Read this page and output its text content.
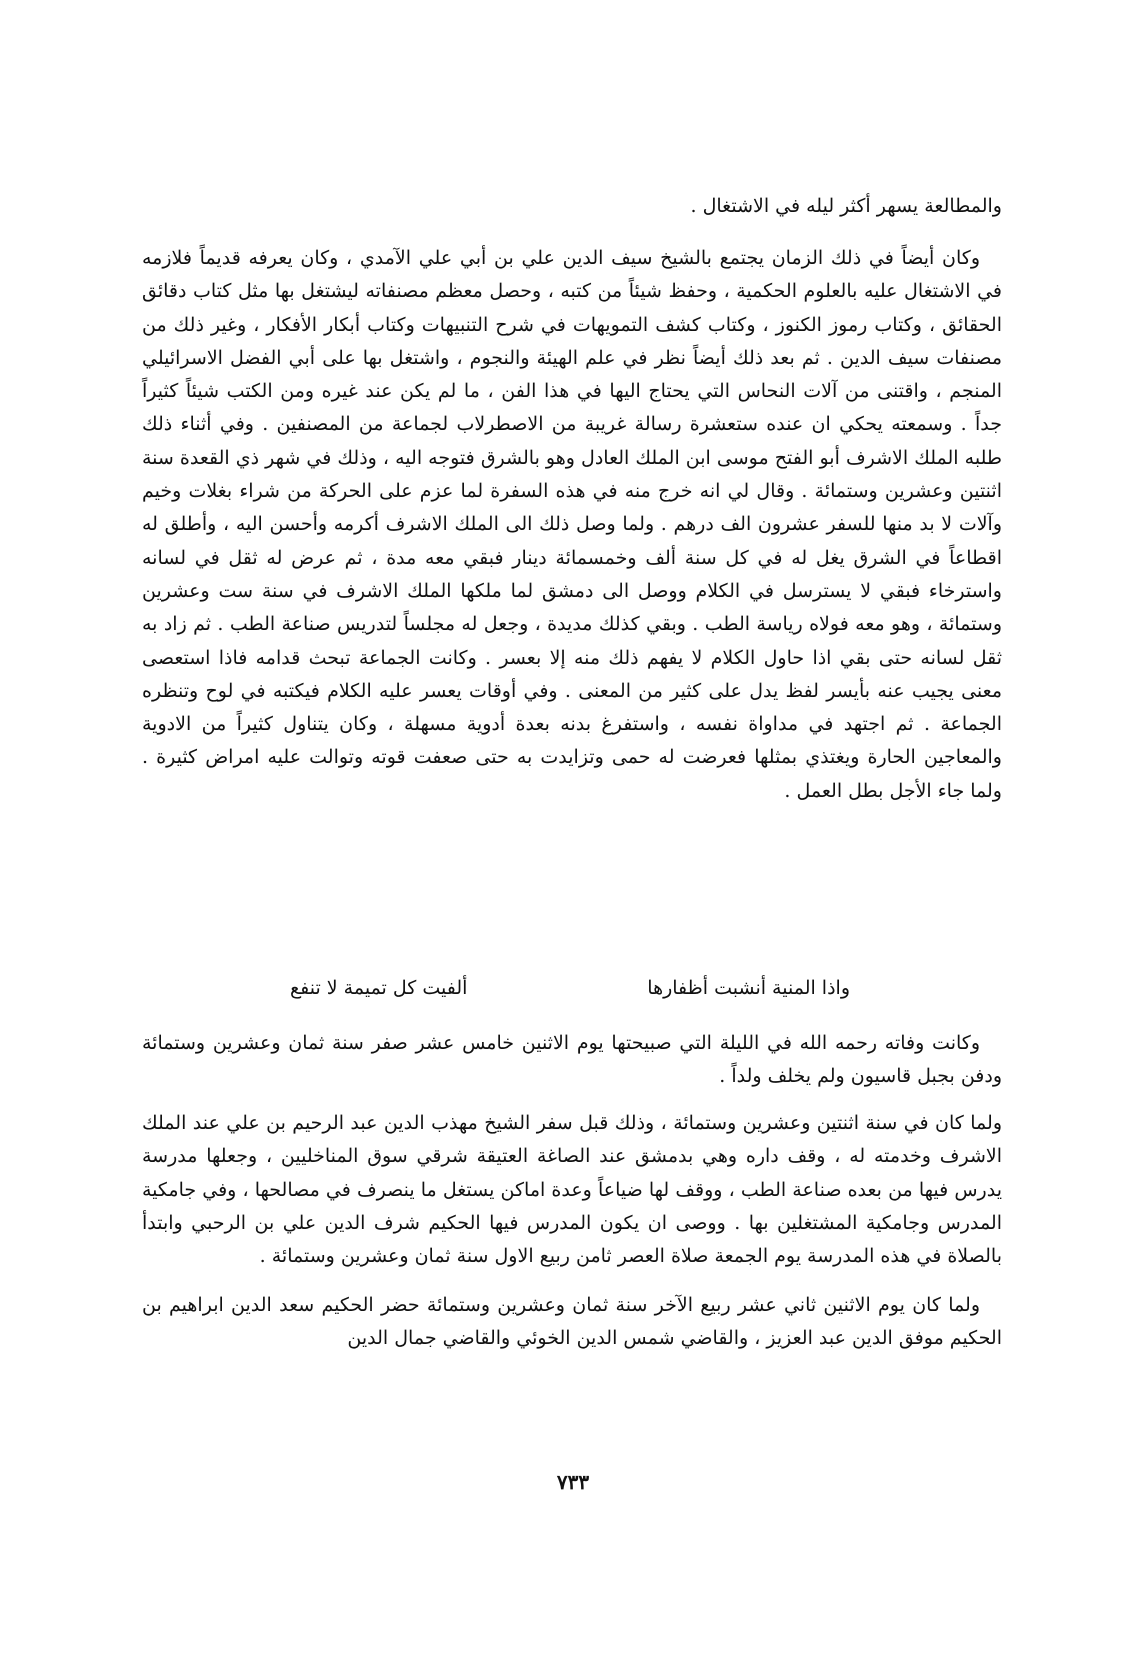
والمطالعة يسهر أكثر ليله في الاشتغال .

وكان أيضاً في ذلك الزمان يجتمع بالشيخ سيف الدين علي بن أبي علي الآمدي ، وكان يعرفه قديماً فلازمه في الاشتغال عليه بالعلوم الحكمية ، وحفظ شيئاً من كتبه ، وحصل معظم مصنفاته ليشتغل بها مثل كتاب دقائق الحقائق ، وكتاب رموز الكنوز ، وكتاب كشف التمويهات في شرح التنبيهات وكتاب أبكار الأفكار ، وغير ذلك من مصنفات سيف الدين . ثم بعد ذلك أيضاً نظر في علم الهيئة والنجوم ، واشتغل بها على أبي الفضل الاسرائيلي المنجم ، واقتنى من آلات النحاس التي يحتاج اليها في هذا الفن ، ما لم يكن عند غيره ومن الكتب شيئاً كثيراً جداً . وسمعته يحكي ان عنده ستعشرة رسالة غريبة من الاصطرلاب لجماعة من المصنفين . وفي أثناء ذلك طلبه الملك الاشرف أبو الفتح موسى ابن الملك العادل وهو بالشرق فتوجه اليه ، وذلك في شهر ذي القعدة سنة اثنتين وعشرين وستمائة . وقال لي انه خرج منه في هذه السفرة لما عزم على الحركة من شراء بغلات وخيم وآلات لا بد منها للسفر عشرون الف درهم . ولما وصل ذلك الى الملك الاشرف أكرمه وأحسن اليه ، وأطلق له اقطاعاً في الشرق يغل له في كل سنة ألف وخمسمائة دينار فبقي معه مدة ، ثم عرض له ثقل في لسانه واسترخاء فبقي لا يسترسل في الكلام ووصل الى دمشق لما ملكها الملك الاشرف في سنة ست وعشرين وستمائة ، وهو معه فولاه رياسة الطب . وبقي كذلك مديدة ، وجعل له مجلساً لتدريس صناعة الطب . ثم زاد به ثقل لسانه حتى بقي اذا حاول الكلام لا يفهم ذلك منه إلا بعسر . وكانت الجماعة تبحث قدامه فاذا استعصى معنى يجيب عنه بأيسر لفظ يدل على كثير من المعنى . وفي أوقات يعسر عليه الكلام فيكتبه في لوح وتنظره الجماعة . ثم اجتهد في مداواة نفسه ، واستفرغ بدنه بعدة أدوية مسهلة ، وكان يتناول كثيراً من الادوية والمعاجين الحارة ويغتذي بمثلها فعرضت له حمى وتزايدت به حتى صعفت قوته وتوالت عليه امراض كثيرة . ولما جاء الأجل بطل العمل .

واذا المنية أنشبت أظفارها
ألفيت كل تميمة لا تنفع

وكانت وفاته رحمه الله في الليلة التي صبيحتها يوم الاثنين خامس عشر صفر سنة ثمان وعشرين وستمائة ودفن بجبل قاسيون ولم يخلف ولداً .

ولما كان في سنة اثنتين وعشرين وستمائة ، وذلك قبل سفر الشيخ مهذب الدين عبد الرحيم بن علي عند الملك الاشرف وخدمته له ، وقف داره وهي بدمشق عند الصاغة العتيقة شرقي سوق المناخليين ، وجعلها مدرسة يدرس فيها من بعده صناعة الطب ، ووقف لها ضياعاً وعدة اماكن يستغل ما ينصرف في مصالحها ، وفي جامكية المدرس وجامكية المشتغلين بها . ووصى ان يكون المدرس فيها الحكيم شرف الدين علي بن الرحبي وابتدأ بالصلاة في هذه المدرسة يوم الجمعة صلاة العصر ثامن ربيع الاول سنة ثمان وعشرين وستمائة .

ولما كان يوم الاثنين ثاني عشر ربيع الآخر سنة ثمان وعشرين وستمائة حضر الحكيم سعد الدين ابراهيم بن الحكيم موفق الدين عبد العزيز ، والقاضي شمس الدين الخوئي والقاضي جمال الدين

٧٣٣
